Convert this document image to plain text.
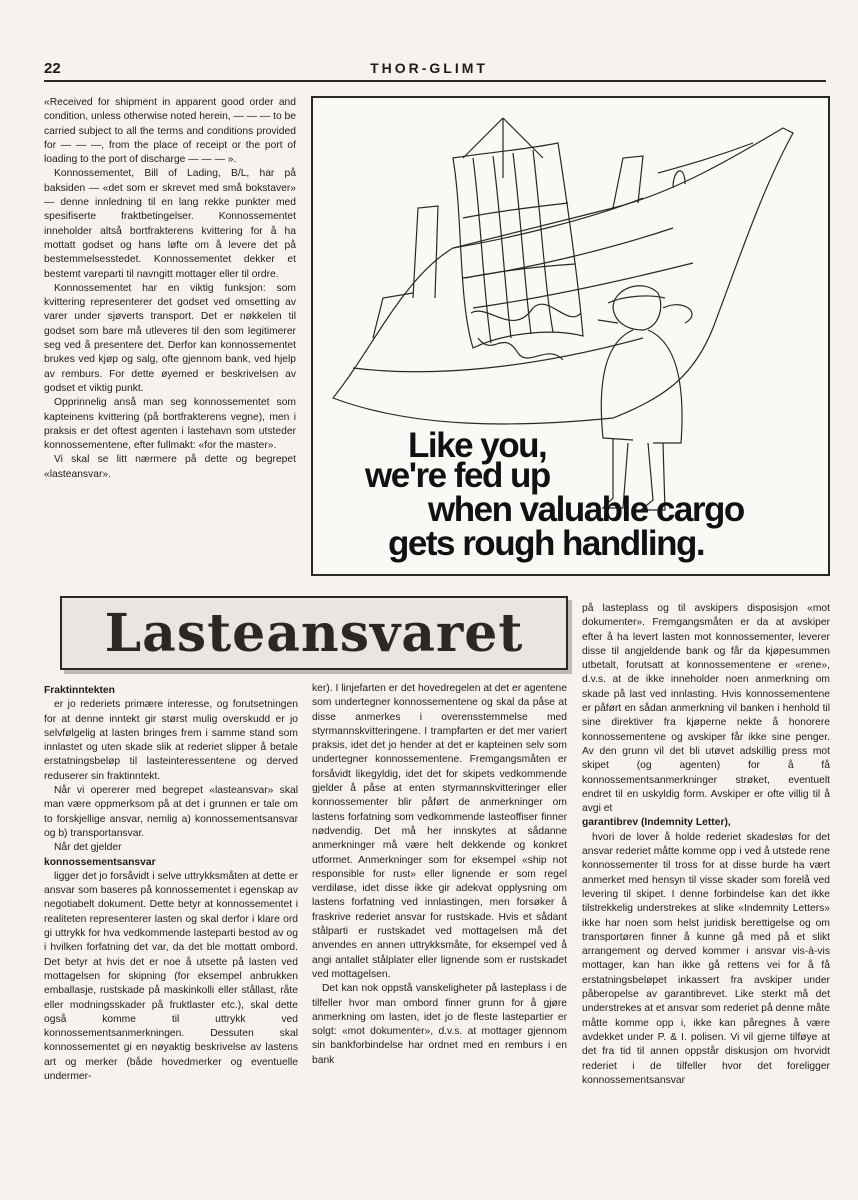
22	THOR-GLIMT

«Received for shipment in apparent good order and condition, unless otherwise noted herein, — — — to be carried subject to all the terms and conditions provided for — — —, from the place of receipt or the port of loading to the port of discharge — — — ».

Konnossementet, Bill of Lading, B/L, har på baksiden — «det som er skrevet med små bokstaver» — denne innledning til en lang rekke punkter med spesifiserte fraktbetingelser. Konnossementet inneholder altså bortfrakterens kvittering for å ha mottatt godset og hans løfte om å levere det på bestemmelsesstedet. Konnossementet dekker et bestemt vareparti til navngitt mottager eller til ordre.

Konnossementet har en viktig funksjon: som kvittering representerer det godset ved omsetting av varer under sjøverts transport. Det er nøkkelen til godset som bare må utleveres til den som legitimerer seg ved å presentere det. Derfor kan konnossementet brukes ved kjøp og salg, ofte gjennom bank, ved hjelp av remburs. For dette øyemed er beskrivelsen av godset et viktig punkt.

Opprinnelig anså man seg konnossementet som kapteinens kvittering (på bortfrakterens vegne), men i praksis er det oftest agenten i lastehavn som utsteder konnossementene, efter fullmakt: «for the master».

Vi skal se litt nærmere på dette og begrepet «lasteansvar».

Like you,
we're fed up
when valuable cargo
gets rough handling.
Lasteansvaret

Fraktinntekten

er jo rederiets primære interesse, og forutsetningen for at denne inntekt gir størst mulig overskudd er jo selvfølgelig at lasten bringes frem i samme stand som innlastet og uten skade slik at rederiet slipper å betale erstatningsbeløp til lasteinteressentene og derved reduserer sin fraktinntekt.

Når vi opererer med begrepet «lasteansvar» skal man være oppmerksom på at det i grunnen er tale om to forskjellige ansvar, nemlig a) konnossementsansvar og b) transportansvar.

Når det gjelder

konnossementsansvar

ligger det jo forsåvidt i selve uttrykksmåten at dette er ansvar som baseres på konnossementet i egenskap av negotiabelt dokument. Dette betyr at konnossementet i realiteten representerer lasten og skal derfor i klare ord gi uttrykk for hva vedkommende lasteparti bestod av og i hvilken forfatning det var, da det ble mottatt ombord. Det betyr at hvis det er noe å utsette på lasten ved mottagelsen for skipning (for eksempel anbrukken emballasje, rustskade på maskinkolli eller stållast, råte eller modningsskader på fruktlaster etc.), skal dette også komme til uttrykk ved konnossementsanmerkningen. Dessuten skal konnossementet gi en nøyaktig beskrivelse av lastens art og merker (både hovedmerker og eventuelle undermer-

ker). I linjefarten er det hovedregelen at det er agentene som undertegner konnossementene og skal da påse at disse anmerkes i overensstemmelse med styrmannskvitteringene. I trampfarten er det mer variert praksis, idet det jo hender at det er kapteinen selv som undertegner konnossementene. Fremgangsmåten er forsåvidt likegyldig, idet det for skipets vedkommende gjelder å påse at enten styrmannskvitteringer eller konnossementer blir påført de anmerkninger om lastens forfatning som vedkommende lasteoffiser finner nødvendig. Det må her innskytes at sådanne anmerkninger må være helt dekkende og konkret utformet. Anmerkninger som for eksempel «ship not responsible for rust» eller lignende er som regel verdiløse, idet disse ikke gir adekvat opplysning om lastens forfatning ved innlastingen, men forsøker å fraskrive rederiet ansvar for rustskade. Hvis et sådant stålparti er rustskadet ved mottagelsen må det anvendes en annen uttrykksmåte, for eksempel ved å angi antallet stålplater eller lignende som er rustskadet ved mottagelsen.

Det kan nok oppstå vanskeligheter på lasteplass i de tilfeller hvor man ombord finner grunn for å gjøre anmerkning om lasten, idet jo de fleste lastepartier er solgt: «mot dokumenter», d.v.s. at mottager gjennom sin bankforbindelse har ordnet med en remburs i en bank

på lasteplass og til avskipers disposisjon «mot dokumenter». Fremgangsmåten er da at avskiper efter å ha levert lasten mot konnossementer, leverer disse til angjeldende bank og får da kjøpesummen utbetalt, forutsatt at konnossementene er «rene», d.v.s. at de ikke inneholder noen anmerkning om skade på last ved innlasting. Hvis konnossementene er påført en sådan anmerkning vil banken i henhold til sine direktiver fra kjøperne nekte å honorere konnossementene og avskiper får ikke sine penger. Av den grunn vil det bli utøvet adskillig press mot skipet (og agenten) for å få konnossementsanmerkninger strøket, eventuelt endret til en uskyldig form. Avskiper er ofte villig til å avgi et

garantibrev (Indemnity Letter),

hvori de lover å holde rederiet skadesløs for det ansvar rederiet måtte komme opp i ved å utstede rene konnossementer til tross for at disse burde ha vært anmerket med hensyn til visse skader som forelå ved levering til skipet. I denne forbindelse kan det ikke tilstrekkelig understrekes at slike «Indemnity Letters» ikke har noen som helst juridisk berettigelse og om transportøren finner å kunne gå med på et slikt arrangement og derved kommer i ansvar vis-à-vis mottager, kan han ikke gå rettens vei for å få erstatningsbeløpet inkassert fra avskiper under påberopelse av garantibrevet. Like sterkt må det understrekes at et ansvar som rederiet på denne måte måtte komme opp i, ikke kan påregnes å være avdekket under P. & I. polisen. Vi vil gjerne tilføye at det fra tid til annen oppstår diskusjon om hvorvidt rederiet i de tilfeller hvor det foreligger konnossementsansvar
